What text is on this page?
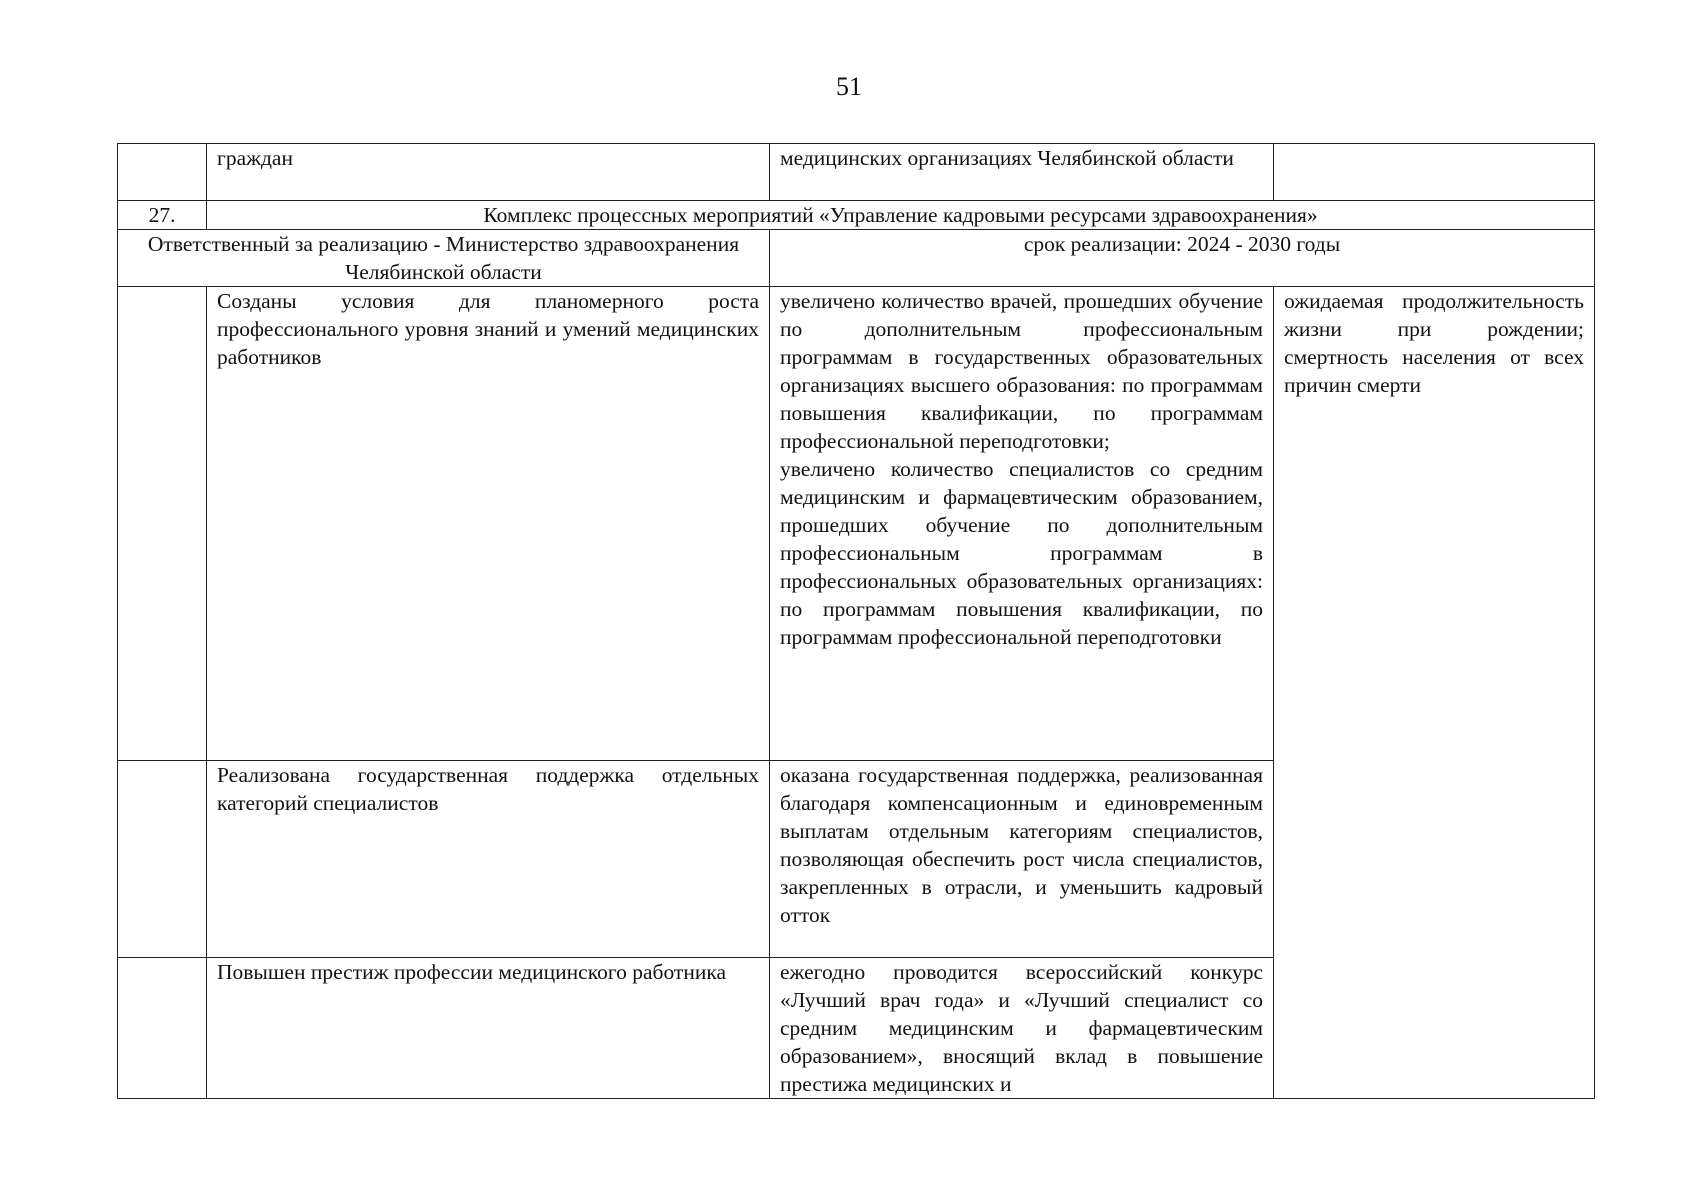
51
	граждан	медицинских организациях Челябинской области	
27.	Комплекс процессных мероприятий «Управление кадровыми ресурсами здравоохранения»		

Ответственный за реализацию - Министерство здравоохранения Челябинской области		срок реализации: 2024 - 2030 годы	
	Созданы условия для планомерного роста профессионального уровня знаний и умений медицинских работников	увеличено количество врачей, прошедших обучение по дополнительным профессиональным программам в государственных образовательных организациях высшего образования: по программам повышения квалификации, по программам профессиональной переподготовки;
увеличено количество специалистов со средним медицинским и фармацевтическим образованием, прошедших обучение по дополнительным профессиональным программам в профессиональных образовательных организациях: по программам повышения квалификации, по программам профессиональной переподготовки	ожидаемая продолжительность жизни при рождении; смертность населения от всех причин смерти
	Реализована государственная поддержка отдельных категорий специалистов	оказана государственная поддержка, реализованная благодаря компенсационным и единовременным выплатам отдельным категориям специалистов, позволяющая обеспечить рост числа специалистов, закрепленных в отрасли, и уменьшить кадровый отток	
	Повышен престиж профессии медицинского работника	ежегодно проводится всероссийский конкурс «Лучший врач года» и «Лучший специалист со средним медицинским и фармацевтическим образованием», вносящий вклад в повышение престижа медицинских и	
